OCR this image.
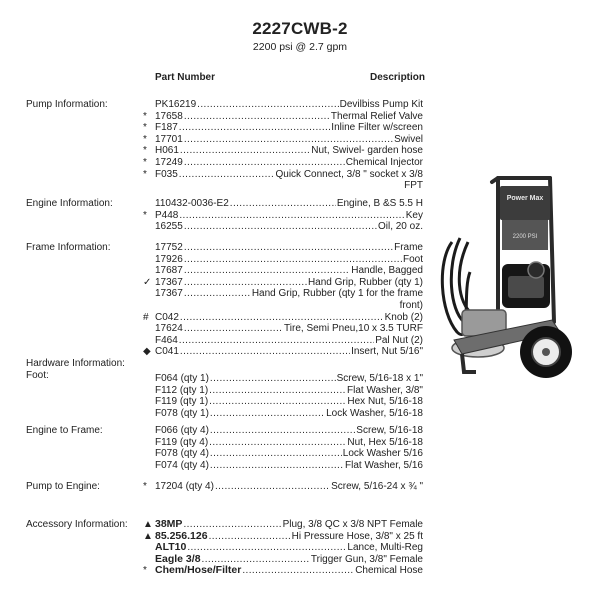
2227CWB-2
2200 psi @ 2.7 gpm
Part Number	Description
Pump Information:	PK16219 .....	Devilbiss Pump Kit
* 17658 .....	Thermal Relief Valve
* F187 .....	Inline Filter w/screen
* 17701 .....	Swivel
* H061 .....	Nut, Swivel- garden hose
* 17249 .....	Chemical Injector
* F035 .....	Quick Connect, 3/8 " socket x 3/8
FPT
Engine Information:	110432-0036-E2 .....	Engine, B &S 5.5 H
* P448 .....	Key
16255 .....	Oil, 20 oz.
Frame Information:	17752 .....	Frame
17926 .....	Foot
17687 .....	Handle, Bagged
✓ 17367 .....	Hand Grip, Rubber (qty 1)
17367 .....	Hand Grip, Rubber (qty 1 for the frame
front)
# C042 .....	Knob (2)
17624 .....	Tire, Semi Pneu,10 x 3.5 TURF
F464 .....	Pal Nut (2)
◆ C041 .....	Insert, Nut 5/16"
Hardware Information:
Foot:	F064 (qty 1) .....	Screw, 5/16-18 x 1"
F112 (qty 1) .....	Flat Washer, 3/8"
F119 (qty 1) .....	Hex Nut, 5/16-18
F078 (qty 1) .....	Lock Washer, 5/16-18
Engine to Frame:	F066 (qty 4) .....	Screw, 5/16-18
F119 (qty 4) .....	Nut, Hex 5/16-18
F078 (qty 4) .....	Lock Washer 5/16
F074 (qty 4) .....	Flat Washer, 5/16
Pump to Engine:	* 17204 (qty 4) .....	Screw, 5/16-24 x ¾ "
Accessory Information:	▲ 38MP .....	Plug, 3/8 QC x 3/8 NPT Female
▲ 85.256.126 .....	Hi Pressure Hose, 3/8" x 25 ft
ALT10 .....	Lance, Multi-Reg
Eagle 3/8 .....	Trigger Gun, 3/8" Female
* Chem/Hose/Filter .....	Chemical Hose
Power Max
2200 PSI
